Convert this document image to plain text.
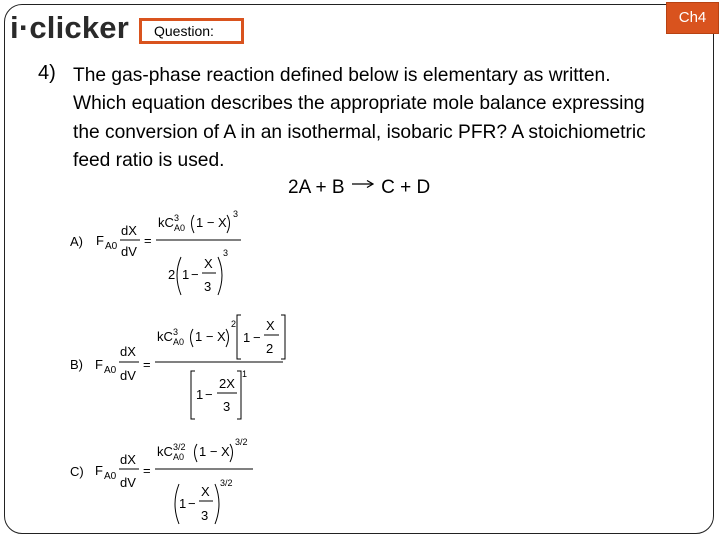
i·clicker	Question:
Ch4
4) The gas-phase reaction defined below is elementary as written. Which equation describes the appropriate mole balance expressing the conversion of A in an isothermal, isobaric PFR? A stoichiometric feed ratio is used.
2A + B → C + D
A) F A0
dX
dV
=
kC 3
A0 1 − X
3
2 1 −
X
3
3
B) F A0
dX
dV
=
kC 3
A0 1 − X
2
1 −
X
2
1 −
2X
3
1
C) F A0
dX
dV
=
kC 3/2
A0 1 − X
3/2
1 −
X
3
3/2
